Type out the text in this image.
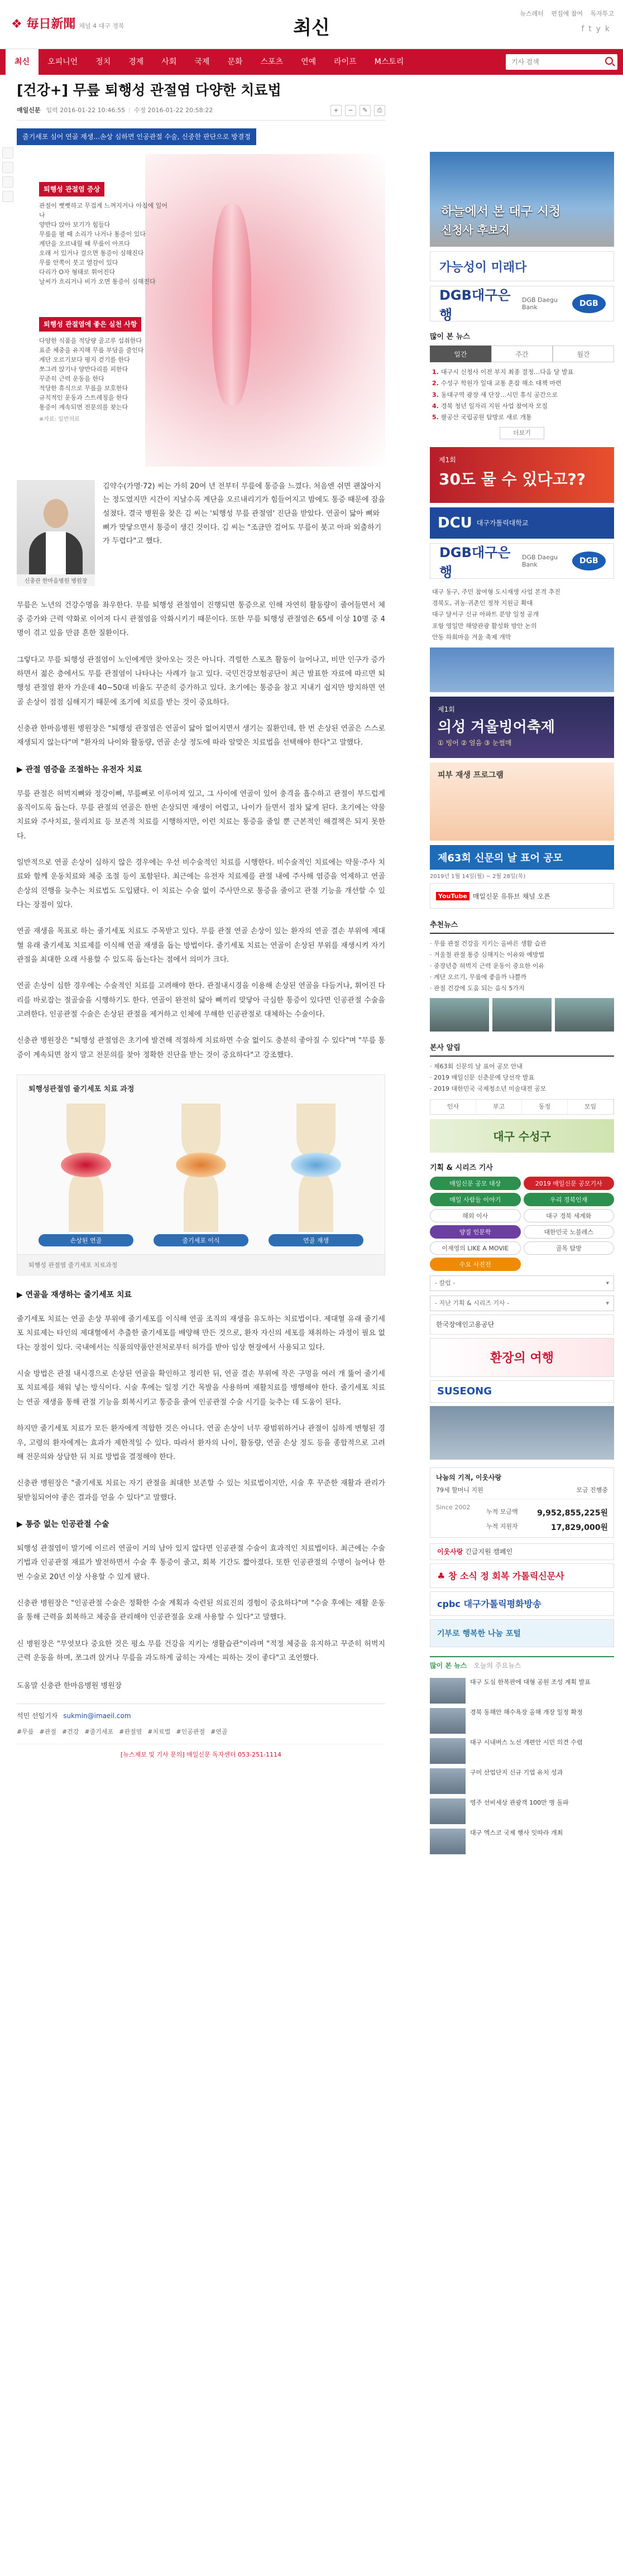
❖ 毎日新聞 채널 4 대구 경북	최신
뉴스레터 편집에 참여 독자투고
ftyk
최신	오피니언	정치	경제	사회	국제	문화	스포츠	연예	라이프	M스토리
기사 검색
[건강+] 무릎 퇴행성 관절염 다양한 치료법
매일신문 입력 2016-01-22 10:46:55 | 수정 2016-01-22 20:58:22	+	−	✎	⎙

줄기세포 심어 연골 재생...손상 심하면 인공관절 수술, 신중한 판단으로 방결정

퇴행성 관절염 증상
관절이 뻣뻣하고 무겁게 느껴지거나 아침에 일어나
양반다 앉아 보기가 힘들다
무릎을 펼 때 소리가 나거나 통증이 있다
계단을 오르내릴 때 무릎이 아프다
오래 서 있거나 걸으면 통증이 심해진다
무릎 안쪽이 붓고 열감이 있다
다리가 O자 형태로 휘어진다
날씨가 흐리거나 비가 오면 통증이 심해진다
퇴행성 관절염에 좋은 실천 사항
다양한 식품을 적당량 골고루 섭취한다
표준 체중을 유지해 무릎 부담을 줄인다
계단 오르기보다 평지 걷기를 한다
쪼그려 앉기나 양반다리를 피한다
꾸준히 근력 운동을 한다
적당한 휴식으로 무릎을 보호한다
규칙적인 운동과 스트레칭을 한다
통증이 계속되면 전문의를 찾는다
※자료: 일반의료
신충관 한마음병원 병원장
김약수(가명·72) 씨는 가히 20여 년 전부터 무릎에 통증을 느꼈다. 처음엔 쉬면 괜찮아지는 정도였지만 시간이 지날수록 계단을 오르내리기가 힘들어지고 밤에도 통증 때문에 잠을 설쳤다. 결국 병원을 찾은 김 씨는 '퇴행성 무릎 관절염' 진단을 받았다. 연골이 닳아 뼈와 뼈가 맞닿으면서 통증이 생긴 것이다. 김 씨는 "조금만 걸어도 무릎이 붓고 아파 외출하기가 두렵다"고 했다.

무릎은 노년의 건강수명을 좌우한다. 무릎 퇴행성 관절염이 진행되면 통증으로 인해 자연히 활동량이 줄어들면서 체중 증가와 근력 약화로 이어져 다시 관절염을 악화시키기 때문이다. 또한 무릎 퇴행성 관절염은 65세 이상 10명 중 4명이 겪고 있을 만큼 흔한 질환이다.

그렇다고 무릎 퇴행성 관절염이 노인에게만 찾아오는 것은 아니다. 격렬한 스포츠 활동이 늘어나고, 비만 인구가 증가하면서 젊은 층에서도 무릎 관절염이 나타나는 사례가 늘고 있다. 국민건강보험공단이 최근 발표한 자료에 따르면 퇴행성 관절염 환자 가운데 40~50대 비율도 꾸준히 증가하고 있다. 초기에는 통증을 참고 지내기 쉽지만 방치하면 연골 손상이 점점 심해지기 때문에 조기에 치료를 받는 것이 중요하다.

신충관 한마음병원 병원장은 "퇴행성 관절염은 연골이 닳아 없어지면서 생기는 질환인데, 한 번 손상된 연골은 스스로 재생되지 않는다"며 "환자의 나이와 활동량, 연골 손상 정도에 따라 알맞은 치료법을 선택해야 한다"고 말했다.

▶ 관절 염증을 조절하는 유전자 치료

무릎 관절은 허벅지뼈와 정강이뼈, 무릎뼈로 이루어져 있고, 그 사이에 연골이 있어 충격을 흡수하고 관절이 부드럽게 움직이도록 돕는다. 무릎 관절의 연골은 한번 손상되면 재생이 어렵고, 나이가 들면서 점차 닳게 된다. 초기에는 약물치료와 주사치료, 물리치료 등 보존적 치료를 시행하지만, 이런 치료는 통증을 줄일 뿐 근본적인 해결책은 되지 못한다.

일반적으로 연골 손상이 심하지 않은 경우에는 우선 비수술적인 치료를 시행한다. 비수술적인 치료에는 약물·주사 치료와 함께 운동치료와 체중 조절 등이 포함된다. 최근에는 유전자 치료제를 관절 내에 주사해 염증을 억제하고 연골 손상의 진행을 늦추는 치료법도 도입됐다. 이 치료는 수술 없이 주사만으로 통증을 줄이고 관절 기능을 개선할 수 있다는 장점이 있다.

연골 재생을 목표로 하는 줄기세포 치료도 주목받고 있다. 무릎 관절 연골 손상이 있는 환자의 연골 결손 부위에 제대혈 유래 줄기세포 치료제를 이식해 연골 재생을 돕는 방법이다. 줄기세포 치료는 연골이 손상된 부위를 재생시켜 자기 관절을 최대한 오래 사용할 수 있도록 돕는다는 점에서 의미가 크다.

연골 손상이 심한 경우에는 수술적인 치료를 고려해야 한다. 관절내시경을 이용해 손상된 연골을 다듬거나, 휘어진 다리를 바로잡는 절골술을 시행하기도 한다. 연골이 완전히 닳아 뼈끼리 맞닿아 극심한 통증이 있다면 인공관절 수술을 고려한다. 인공관절 수술은 손상된 관절을 제거하고 인체에 무해한 인공관절로 대체하는 수술이다.

신충관 병원장은 "퇴행성 관절염은 초기에 발견해 적절하게 치료하면 수술 없이도 충분히 좋아질 수 있다"며 "무릎 통증이 계속되면 참지 말고 전문의를 찾아 정확한 진단을 받는 것이 중요하다"고 강조했다.

퇴행성관절염 줄기세포 치료 과정
손상된 연골	줄기세포 이식	연골 재생
퇴행성 관절염 줄기세포 치료과정
▶ 연골을 재생하는 줄기세포 치료

줄기세포 치료는 연골 손상 부위에 줄기세포를 이식해 연골 조직의 재생을 유도하는 치료법이다. 제대혈 유래 줄기세포 치료제는 타인의 제대혈에서 추출한 줄기세포를 배양해 만든 것으로, 환자 자신의 세포를 채취하는 과정이 필요 없다는 장점이 있다. 국내에서는 식품의약품안전처로부터 허가를 받아 임상 현장에서 사용되고 있다.

시술 방법은 관절 내시경으로 손상된 연골을 확인하고 정리한 뒤, 연골 결손 부위에 작은 구멍을 여러 개 뚫어 줄기세포 치료제를 채워 넣는 방식이다. 시술 후에는 일정 기간 목발을 사용하며 재활치료를 병행해야 한다. 줄기세포 치료는 연골 재생을 통해 관절 기능을 회복시키고 통증을 줄여 인공관절 수술 시기를 늦추는 데 도움이 된다.

하지만 줄기세포 치료가 모든 환자에게 적합한 것은 아니다. 연골 손상이 너무 광범위하거나 관절이 심하게 변형된 경우, 고령의 환자에게는 효과가 제한적일 수 있다. 따라서 환자의 나이, 활동량, 연골 손상 정도 등을 종합적으로 고려해 전문의와 상담한 뒤 치료 방법을 결정해야 한다.

신충관 병원장은 "줄기세포 치료는 자기 관절을 최대한 보존할 수 있는 치료법이지만, 시술 후 꾸준한 재활과 관리가 뒷받침되어야 좋은 결과를 얻을 수 있다"고 말했다.

▶ 통증 없는 인공관절 수술

퇴행성 관절염이 말기에 이르러 연골이 거의 남아 있지 않다면 인공관절 수술이 효과적인 치료법이다. 최근에는 수술 기법과 인공관절 재료가 발전하면서 수술 후 통증이 줄고, 회복 기간도 짧아졌다. 또한 인공관절의 수명이 늘어나 한 번 수술로 20년 이상 사용할 수 있게 됐다.

신충관 병원장은 "인공관절 수술은 정확한 수술 계획과 숙련된 의료진의 경험이 중요하다"며 "수술 후에는 재활 운동을 통해 근력을 회복하고 체중을 관리해야 인공관절을 오래 사용할 수 있다"고 말했다.

신 병원장은 "무엇보다 중요한 것은 평소 무릎 건강을 지키는 생활습관"이라며 "적정 체중을 유지하고 꾸준히 허벅지 근력 운동을 하며, 쪼그려 앉거나 무릎을 과도하게 굽히는 자세는 피하는 것이 좋다"고 조언했다.

도움말 신충관 한마음병원 병원장
석민 선임기자 sukmin@imaeil.com
#무릎 #관절 #건강 #줄기세포 #관절염 #치료법 #인공관절 #연골
[뉴스제보 및 기사 문의] 매일신문 독자센터 053-251-1114
하늘에서 본 대구 시청
신청사 후보지
가능성이 미래다
DGB대구은행
DGB Daegu Bank	DGB
많이 본 뉴스
일간	주간	월간
1. 대구시 신청사 이전 부지 최종 결정…다음 달 발표
2. 수성구 학원가 일대 교통 혼잡 해소 대책 마련
3. 동대구역 광장 새 단장…시민 휴식 공간으로
4. 경북 청년 일자리 지원 사업 참여자 모집
5. 팔공산 국립공원 탐방로 새로 개통
더보기
제1회
30도 물 수 있다고??
DCU 대구가톨릭대학교
DGB대구은행
DGB Daegu Bank	DGB
대구 동구, 주민 참여형 도시재생 사업 본격 추진
경북도, 귀농·귀촌인 정착 지원금 확대
대구 달서구 신규 아파트 분양 일정 공개
포항 영일만 해양관광 활성화 방안 논의
안동 하회마을 겨울 축제 개막
제1회
의성 겨울빙어축제
① 빙어 ② 얼음 ③ 눈썰매
피부 재생 프로그램
제63회 신문의 날 표어 공모
2019년 1월 14일(월) ~ 2월 28일(목)
YouTube 매일신문 유튜브 채널 오픈
추천뉴스
· 무릎 관절 건강을 지키는 올바른 생활 습관
· 겨울철 관절 통증 심해지는 이유와 예방법
· 중장년층 허벅지 근력 운동이 중요한 이유
· 계단 오르기, 무릎에 좋을까 나쁠까
· 관절 건강에 도움 되는 음식 5가지
본사 알림
· 제63회 신문의 날 표어 공모 안내
· 2019 매일신문 신춘문예 당선작 발표
· 2019 대한민국 국제청소년 미술대전 공모
인사	부고	동정	모임
대구 수성구
기획 & 시리즈 기사
매일신문 공모 대상	2019 매일신문 공모기사
매일 사람들 이야기	우리 경북인재
해외 이사	대구 경북 세계화
양질 인문학	대한민국 노블레스
이재영의 LIKE A MOVIE	골목 탐방
수요 사진전
- 칼럼 - ▾
- 지난 기획 & 시리즈 기사 - ▾
한국장애인고용공단
환장의 여행
SUSEONG
나눔의 기적, 이웃사랑
79세 할머니 지원	모금 진행중
Since 2002
누적 모금액 9,952,855,225원
누적 지원자	17,829,000원
이웃사랑 긴급지원 캠페인
♣ 창 소식 정 회복 가톨릭신문사
cpbc 대구가톨릭평화방송
기부로 행복한 나눔 포털
많이 본 뉴스 오늘의 주요뉴스
대구 도심 한복판에 대형 공원 조성 계획 발표
경북 동해안 해수욕장 올해 개장 일정 확정
대구 시내버스 노선 개편안 시민 의견 수렴
구미 산업단지 신규 기업 유치 성과
영주 선비세상 관광객 100만 명 돌파
대구 엑스코 국제 행사 잇따라 개최
